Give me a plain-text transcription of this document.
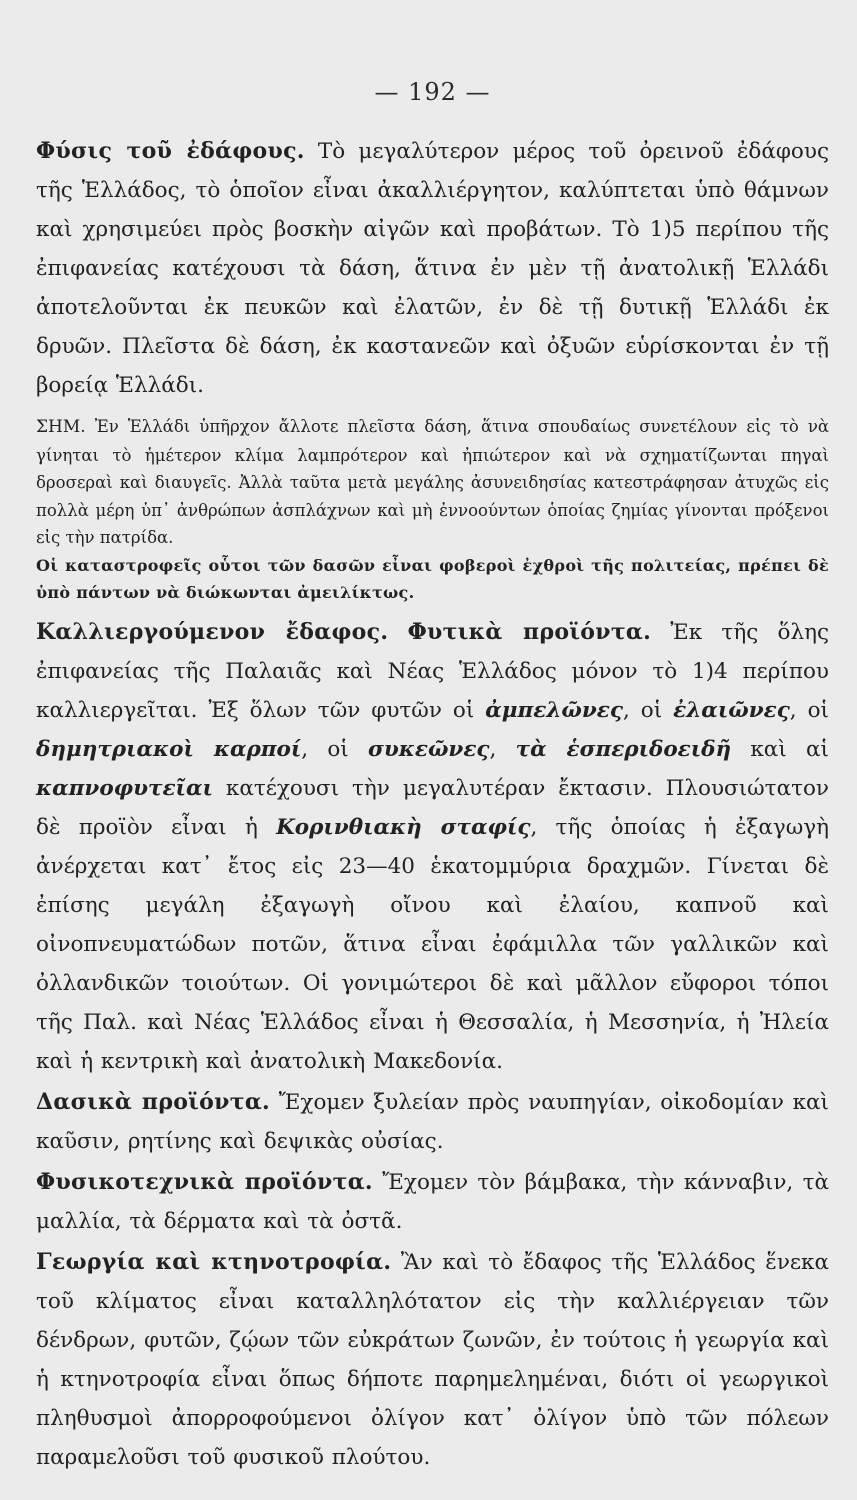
— 192 —

Φύσις τοῦ ἐδάφους. Τὸ μεγαλύτερον μέρος τοῦ ὀρεινοῦ ἐδάφους τῆς Ἑλλάδος, τὸ ὁποῖον εἶναι ἀκαλλιέργητον, καλύπτεται ὑπὸ θάμνων καὶ χρησιμεύει πρὸς βοσκὴν αἰγῶν καὶ προβάτων. Τὸ 1)5 περίπου τῆς ἐπιφανείας κατέχουσι τὰ δάση, ἅτινα ἐν μὲν τῇ ἀνατολικῇ Ἑλλάδι ἀποτελοῦνται ἐκ πευκῶν καὶ ἐλατῶν, ἐν δὲ τῇ δυτικῇ Ἑλλάδι ἐκ δρυῶν. Πλεῖστα δὲ δάση, ἐκ καστανεῶν καὶ ὀξυῶν εὑρίσκονται ἐν τῇ βορείᾳ Ἑλλάδι.

ΣΗΜ. Ἐν Ἑλλάδι ὑπῆρχον ἄλλοτε πλεῖστα δάση, ἅτινα σπουδαίως συνετέλουν εἰς τὸ νὰ γίνηται τὸ ἡμέτερον κλίμα λαμπρότερον καὶ ἠπιώτερον καὶ νὰ σχηματίζωνται πηγαὶ δροσεραὶ καὶ διαυγεῖς. Ἀλλὰ ταῦτα μετὰ μεγάλης ἀσυνειδησίας κατεστράφησαν ἀτυχῶς εἰς πολλὰ μέρη ὑπ᾽ ἀνθρώπων ἀσπλάχνων καὶ μὴ ἐννοούντων ὁποίας ζημίας γίνονται πρόξενοι εἰς τὴν πατρίδα.
Οἱ καταστροφεῖς οὗτοι τῶν δασῶν εἶναι φοβεροὶ ἐχθροὶ τῆς πολιτείας, πρέπει δὲ ὑπὸ πάντων νὰ διώκωνται ἀμειλίκτως.

Καλλιεργούμενον ἔδαφος. Φυτικὰ προϊόντα. Ἐκ τῆς ὅλης ἐπιφανείας τῆς Παλαιᾶς καὶ Νέας Ἑλλάδος μόνον τὸ 1)4 περίπου καλλιεργεῖται. Ἐξ ὅλων τῶν φυτῶν οἱ ἀμπελῶνες, οἱ ἐλαιῶνες, οἱ δημητριακοὶ καρποί, οἱ συκεῶνες, τὰ ἑσπεριδοειδῆ καὶ αἱ καπνοφυτεῖαι κατέχουσι τὴν μεγαλυτέραν ἔκτασιν. Πλουσιώτατον δὲ προϊὸν εἶναι ἡ Κορινθιακὴ σταφίς, τῆς ὁποίας ἡ ἐξαγωγὴ ἀνέρχεται κατ᾽ ἔτος εἰς 23—40 ἑκατομμύρια δραχμῶν. Γίνεται δὲ ἐπίσης μεγάλη ἐξαγωγὴ οἴνου καὶ ἐλαίου, καπνοῦ καὶ οἰνοπνευματώδων ποτῶν, ἅτινα εἶναι ἐφάμιλλα τῶν γαλλικῶν καὶ ὀλλανδικῶν τοιούτων. Οἱ γονιμώτεροι δὲ καὶ μᾶλλον εὔφοροι τόποι τῆς Παλ. καὶ Νέας Ἑλλάδος εἶναι ἡ Θεσσαλία, ἡ Μεσσηνία, ἡ Ἠλεία καὶ ἡ κεντρικὴ καὶ ἀνατολικὴ Μακεδονία.

Δασικὰ προϊόντα. Ἔχομεν ξυλείαν πρὸς ναυπηγίαν, οἰκοδομίαν καὶ καῦσιν, ρητίνης καὶ δεψικὰς οὐσίας.

Φυσικοτεχνικὰ προϊόντα. Ἔχομεν τὸν βάμβακα, τὴν κάνναβιν, τὰ μαλλία, τὰ δέρματα καὶ τὰ ὀστᾶ.

Γεωργία καὶ κτηνοτροφία. Ἂν καὶ τὸ ἔδαφος τῆς Ἑλλάδος ἕνεκα τοῦ κλίματος εἶναι καταλληλότατον εἰς τὴν καλλιέργειαν τῶν δένδρων, φυτῶν, ζῴων τῶν εὐκράτων ζωνῶν, ἐν τούτοις ἡ γεωργία καὶ ἡ κτηνοτροφία εἶναι ὅπως δήποτε παρημελημέναι, διότι οἱ γεωργικοὶ πληθυσμοὶ ἀπορροφούμενοι ὀλίγον κατ᾽ ὀλίγον ὑπὸ τῶν πόλεων παραμελοῦσι τοῦ φυσικοῦ πλούτου.
